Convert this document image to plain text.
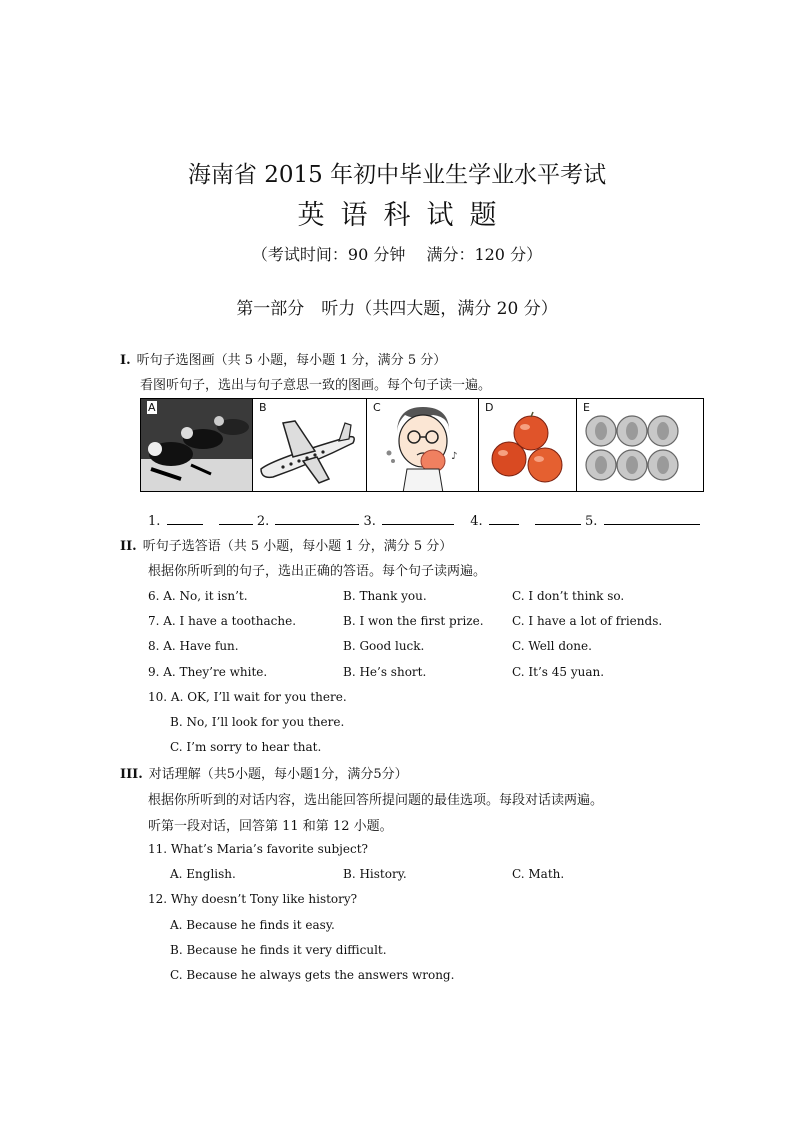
海南省 2015 年初中毕业生学业水平考试
英语科试题
（考试时间：90 分钟　 满分：120 分）
第一部分　听力（共四大题，满分 20 分）
I. 听句子选图画（共 5 小题，每小题 1 分，满分 5 分）
看图听句子，选出与句子意思一致的图画。每个句子读一遍。
A	B
♪
C	D	E
1.	2.	3.	4.	5.
II. 听句子选答语（共 5 小题，每小题 1 分，满分 5 分）
根据你所听到的句子，选出正确的答语。每个句子读两遍。
6. A. No, it isn’t.	B. Thank you.	C. I don’t think so.
7. A. I have a toothache.	B. I won the first prize. C. I have a lot of friends.
8. A. Have fun.	B. Good luck.	C. Well done.
9. A. They’re white.	B. He’s short.	C. It’s 45 yuan.
10. A. OK, I’ll wait for you there.
B. No, I’ll look for you there.
C. I’m sorry to hear that.
III. 对话理解（共5小题，每小题1分，满分5分）
根据你所听到的对话内容，选出能回答所提问题的最佳选项。每段对话读两遍。
听第一段对话，回答第 11 和第 12 小题。
11. What’s Maria’s favorite subject?
A. English.	B. History.	C. Math.
12. Why doesn’t Tony like history?
A. Because he finds it easy.
B. Because he finds it very difficult.
C. Because he always gets the answers wrong.
